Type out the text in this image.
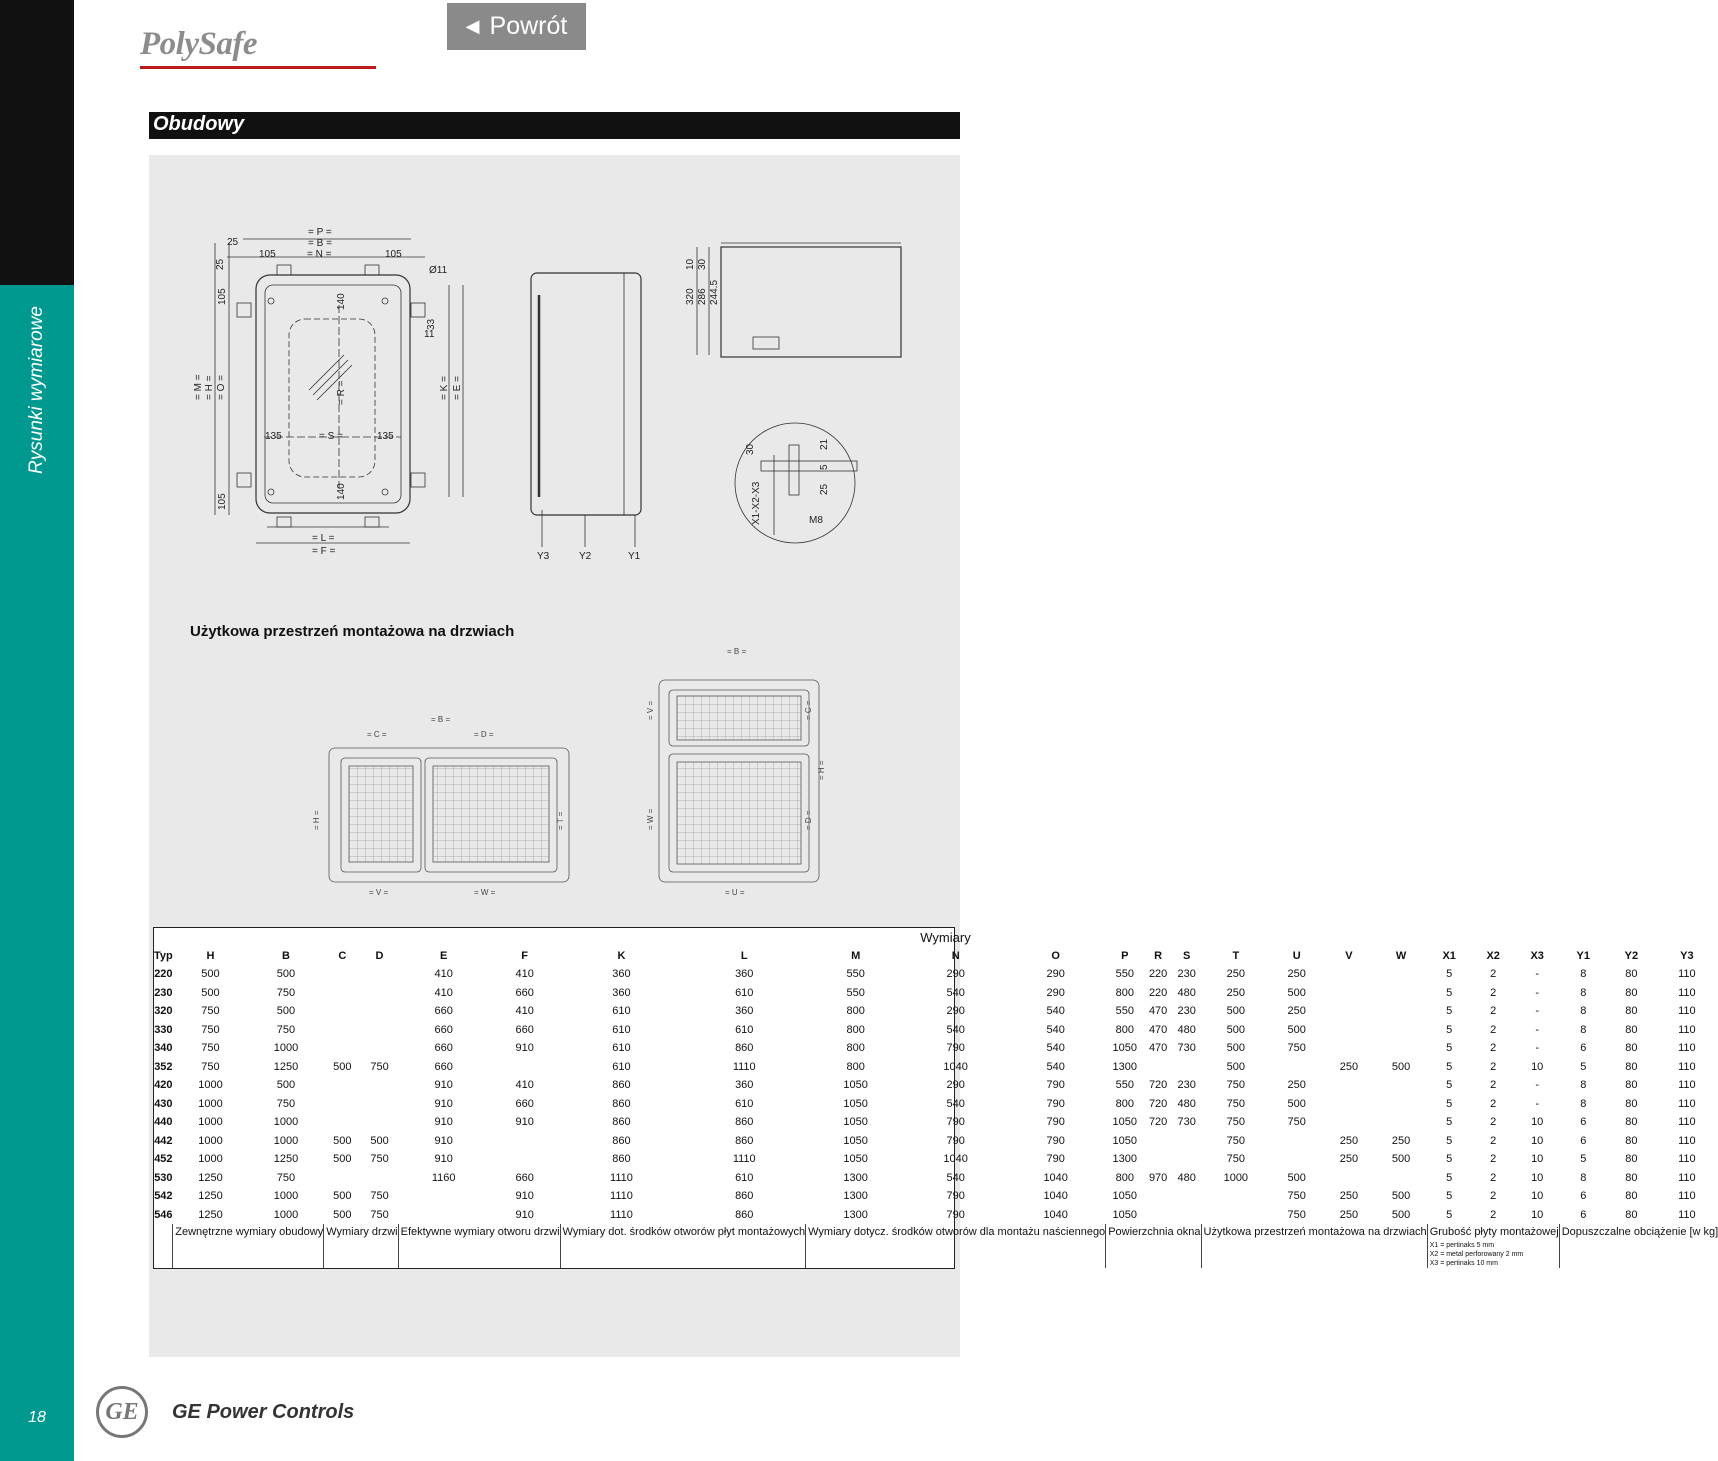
Rysunki wymiarowe
18
PolySafe	◀ Powrót
Obudowy
= P =
= B =
= N =
25
105	105
= S =
135	135
= L =
= F =
Ø11
11
= M = = H = = O =
25
105
105
140
140
= R =
33
= K = = E =
Y3	Y2	Y1
10 30
320 286 244.5
30	21
5
25
X1-X2-X3	M8
Użytkowa przestrzeń montażowa na drzwiach
= B =
= B =
= C =	= D =
= V =	= W =	= U =
= H =	= T =
= V =
= W =
= C =
= D =
= H =
	Wymiary																							
Typ	H	B	C	D	E	F	K	L	M	N	O	P	R	S	T	U	V	W	X1	X2	X3	Y1	Y2	Y3
220	500	500			410	410	360	360	550	290	290	550	220	230	250	250			5	2	-	8	80	110
230	500	750			410	660	360	610	550	540	290	800	220	480	250	500			5	2	-	8	80	110
320	750	500			660	410	610	360	800	290	540	550	470	230	500	250			5	2	-	8	80	110
330	750	750			660	660	610	610	800	540	540	800	470	480	500	500			5	2	-	8	80	110
340	750	1000			660	910	610	860	800	790	540	1050	470	730	500	750			5	2	-	6	80	110
352	750	1250	500	750	660		610	1110	800	1040	540	1300			500		250	500	5	2	10	5	80	110
420	1000	500			910	410	860	360	1050	290	790	550	720	230	750	250			5	2	-	8	80	110
430	1000	750			910	660	860	610	1050	540	790	800	720	480	750	500			5	2	-	8	80	110
440	1000	1000			910	910	860	860	1050	790	790	1050	720	730	750	750			5	2	10	6	80	110
442	1000	1000	500	500	910		860	860	1050	790	790	1050			750		250	250	5	2	10	6	80	110
452	1000	1250	500	750	910		860	1110	1050	1040	790	1300			750		250	500	5	2	10	5	80	110
530	1250	750			1160	660	1110	610	1300	540	1040	800	970	480	1000	500			5	2	10	8	80	110
542	1250	1000	500	750		910	1110	860	1300	790	1040	1050				750	250	500	5	2	10	6	80	110
546	1250	1000	500	750		910	1110	860	1300	790	1040	1050				750	250	500	5	2	10	6	80	110
	Zewnętrzne wymiary obudowy		Wymiary drzwi		Efektywne wymiary otworu drzwi		Wymiary dot. środków otworów płyt montażowych		Wymiary dotycz. środków otworów dla montażu naściennego			Powierzchnia okna			Użytkowa przestrzeń montażowa na drzwiach				Grubość płyty montażowej
X1 = pertinaks 5 mm
X2 = metal perforowany 2 mm
X3 = pertinaks 10 mm			Dopuszczalne obciążenie [w kg]		
GE	GE Power Controls
